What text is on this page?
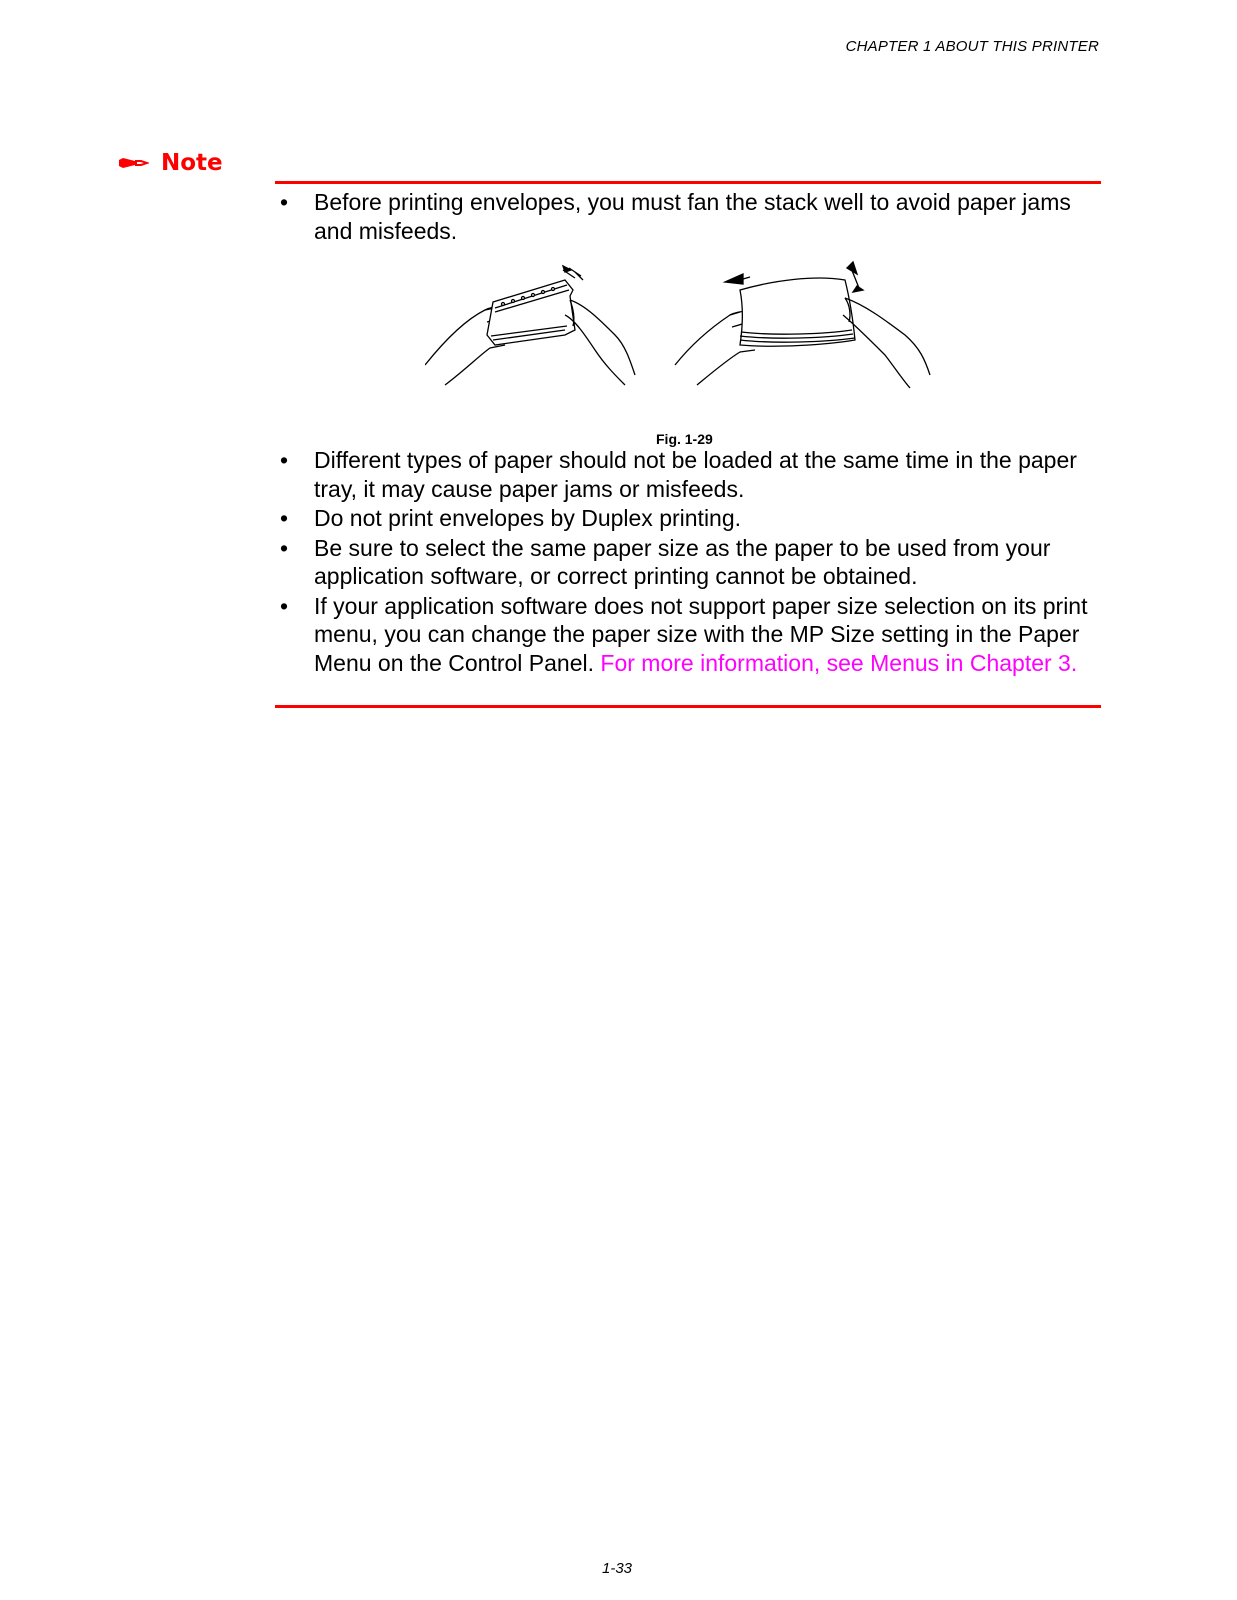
CHAPTER 1 ABOUT THIS PRINTER
Note
•	Before printing envelopes, you must fan the stack well to avoid paper jams and misfeeds.
Fig. 1-29
•	Different types of paper should not be loaded at the same time in the paper tray, it may cause paper jams or misfeeds.
•	Do not print envelopes by Duplex printing.
•	Be sure to select the same paper size as the paper to be used from your application software, or correct printing cannot be obtained.
•	If your application software does not support paper size selection on its print menu, you can change the paper size with the MP Size setting in the Paper Menu on the Control Panel. For more information, see Menus in Chapter 3.
1-33
